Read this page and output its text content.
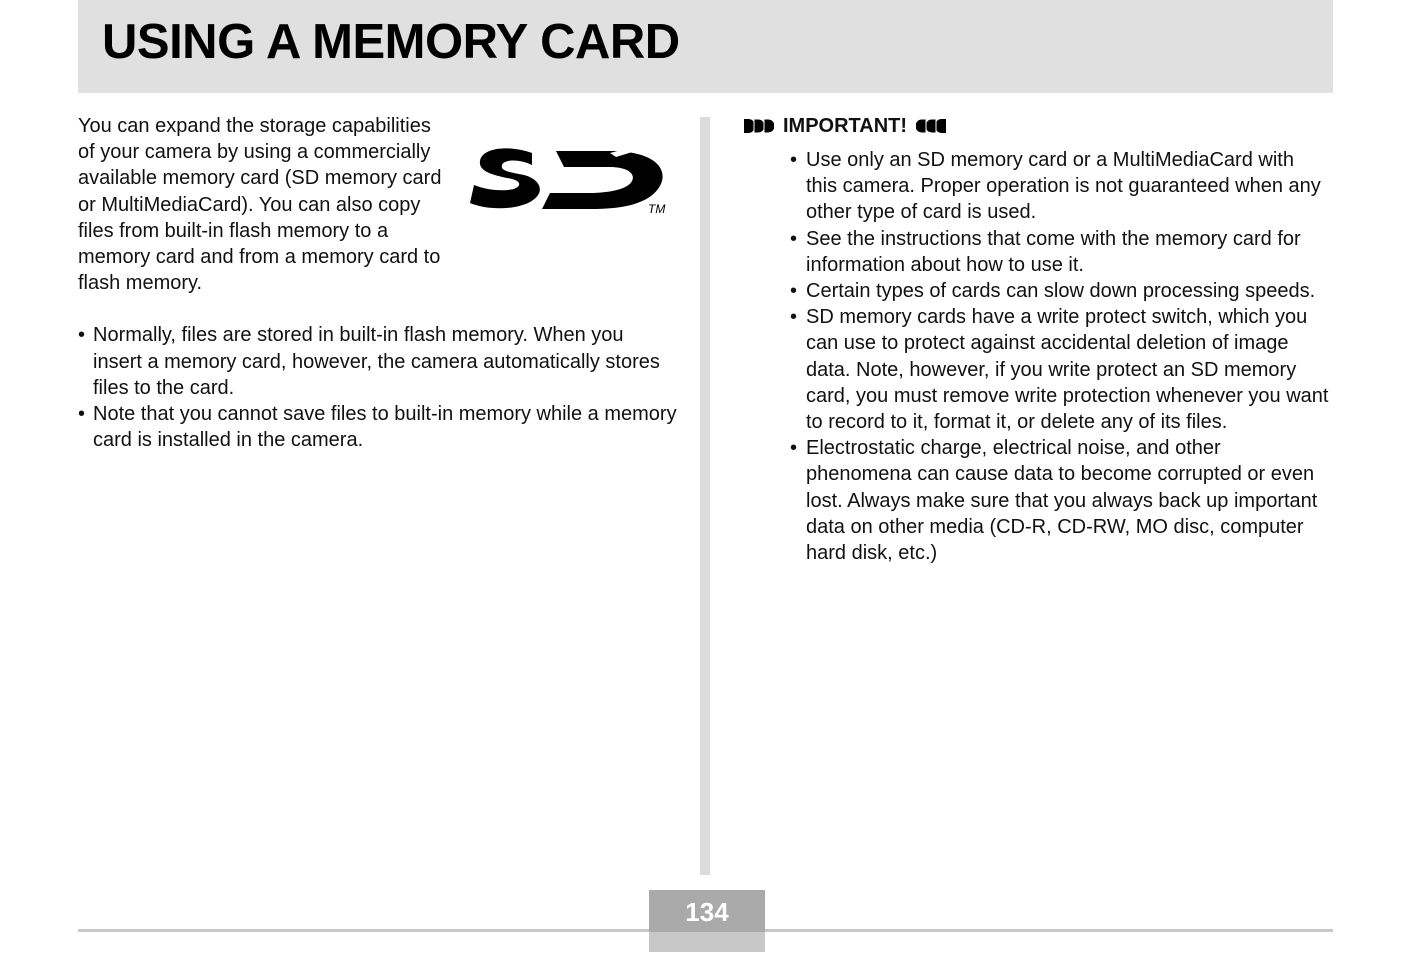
USING A MEMORY CARD

You can expand the storage capabilities of your camera by using a commercially available memory card (SD memory card or MultiMediaCard). You can also copy files from built-in flash memory to a memory card and from a memory card to flash memory.

TM
• Normally, files are stored in built-in flash memory. When you insert a memory card, however, the camera automatically stores files to the card.
• Note that you cannot save files to built-in memory while a memory card is installed in the camera.
IMPORTANT!
• Use only an SD memory card or a MultiMediaCard with this camera. Proper operation is not guaranteed when any other type of card is used.
• See the instructions that come with the memory card for information about how to use it.
• Certain types of cards can slow down processing speeds.
• SD memory cards have a write protect switch, which you can use to protect against accidental deletion of image data. Note, however, if you write protect an SD memory card, you must remove write protection whenever you want to record to it, format it, or delete any of its files.
• Electrostatic charge, electrical noise, and other phenomena can cause data to become corrupted or even lost. Always make sure that you always back up important data on other media (CD-R, CD-RW, MO disc, computer hard disk, etc.)
134
